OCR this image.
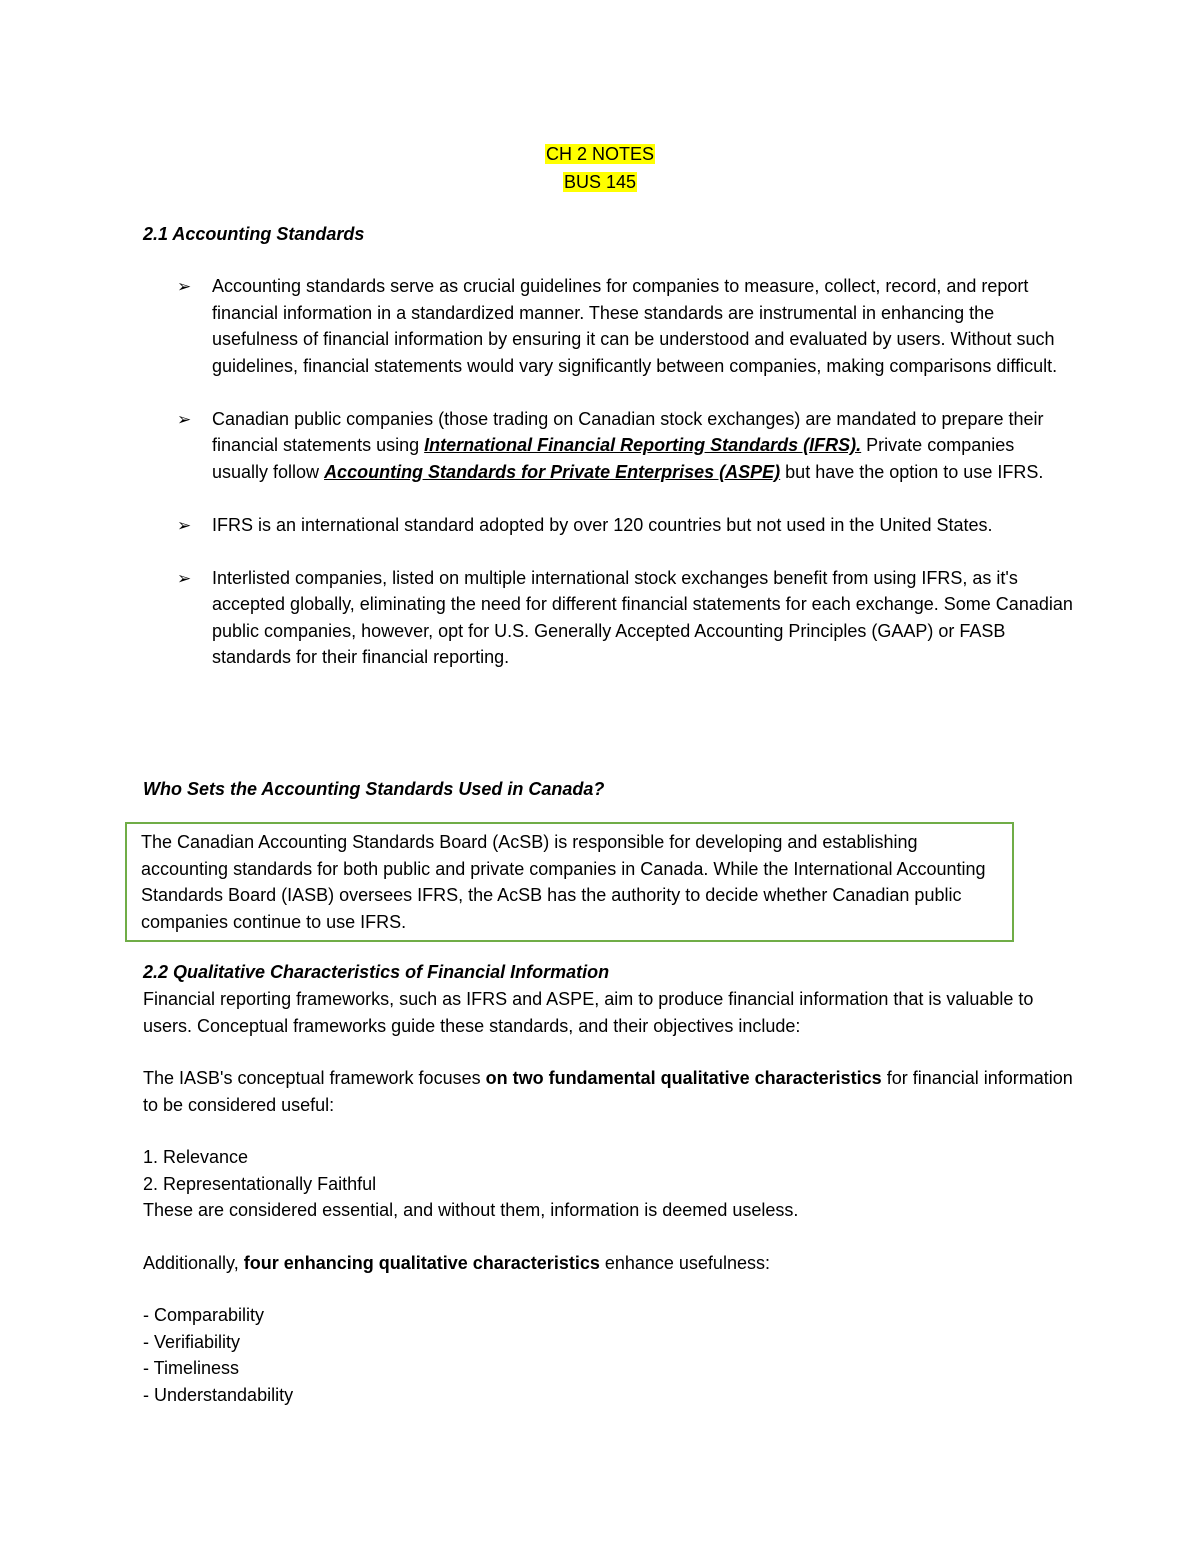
CH 2 NOTES
BUS 145
2.1 Accounting Standards
➢ Accounting standards serve as crucial guidelines for companies to measure, collect, record, and report financial information in a standardized manner. These standards are instrumental in enhancing the usefulness of financial information by ensuring it can be understood and evaluated by users. Without such guidelines, financial statements would vary significantly between companies, making comparisons difficult.
➢ Canadian public companies (those trading on Canadian stock exchanges) are mandated to prepare their financial statements using International Financial Reporting Standards (IFRS). Private companies usually follow Accounting Standards for Private Enterprises (ASPE) but have the option to use IFRS.
➢ IFRS is an international standard adopted by over 120 countries but not used in the United States.
➢ Interlisted companies, listed on multiple international stock exchanges benefit from using IFRS, as it's accepted globally, eliminating the need for different financial statements for each exchange. Some Canadian public companies, however, opt for U.S. Generally Accepted Accounting Principles (GAAP) or FASB standards for their financial reporting.
Who Sets the Accounting Standards Used in Canada?
The Canadian Accounting Standards Board (AcSB) is responsible for developing and establishing accounting standards for both public and private companies in Canada. While the International Accounting Standards Board (IASB) oversees IFRS, the AcSB has the authority to decide whether Canadian public companies continue to use IFRS.
2.2 Qualitative Characteristics of Financial Information
Financial reporting frameworks, such as IFRS and ASPE, aim to produce financial information that is valuable to users. Conceptual frameworks guide these standards, and their objectives include:
The IASB's conceptual framework focuses on two fundamental qualitative characteristics for financial information to be considered useful:
1. Relevance
2. Representationally Faithful
These are considered essential, and without them, information is deemed useless.
Additionally, four enhancing qualitative characteristics enhance usefulness:
- Comparability
- Verifiability
- Timeliness
- Understandability
